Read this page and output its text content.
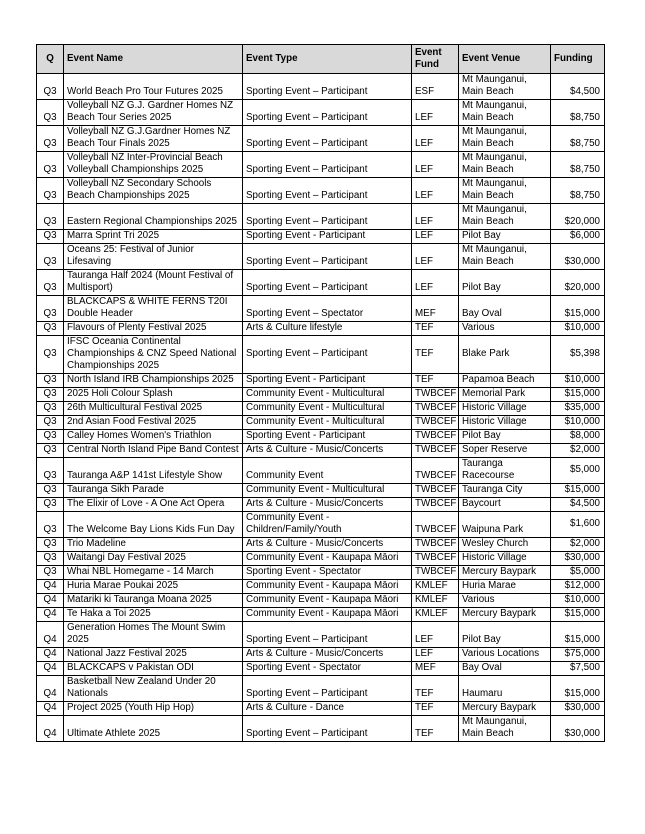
Q	Event Name	Event Type	Event Fund	Event Venue	Funding
Q3	World Beach Pro Tour Futures 2025	Sporting Event – Participant	ESF	Mt Maunganui, Main Beach	$4,500
Q3	Volleyball NZ G.J. Gardner Homes NZ Beach Tour Series 2025	Sporting Event – Participant	LEF	Mt Maunganui, Main Beach	$8,750
Q3	Volleyball NZ G.J.Gardner Homes NZ Beach Tour Finals 2025	Sporting Event – Participant	LEF	Mt Maunganui, Main Beach	$8,750
Q3	Volleyball NZ Inter-Provincial Beach Volleyball Championships 2025	Sporting Event – Participant	LEF	Mt Maunganui, Main Beach	$8,750
Q3	Volleyball NZ Secondary Schools Beach Championships 2025	Sporting Event – Participant	LEF	Mt Maunganui, Main Beach	$8,750
Q3	Eastern Regional Championships 2025	Sporting Event – Participant	LEF	Mt Maunganui, Main Beach	$20,000
Q3	Marra Sprint Tri 2025	Sporting Event - Participant	LEF	Pilot Bay	$6,000
Q3	Oceans 25: Festival of Junior Lifesaving	Sporting Event – Participant	LEF	Mt Maunganui, Main Beach	$30,000
Q3	Tauranga Half 2024 (Mount Festival of Multisport)	Sporting Event – Participant	LEF	Pilot Bay	$20,000
Q3	BLACKCAPS & WHITE FERNS T20I Double Header	Sporting Event – Spectator	MEF	Bay Oval	$15,000
Q3	Flavours of Plenty Festival 2025	Arts & Culture lifestyle	TEF	Various	$10,000
Q3	IFSC Oceania Continental Championships & CNZ Speed National Championships 2025	Sporting Event – Participant	TEF	Blake Park	$5,398
Q3	North Island IRB Championships 2025	Sporting Event - Participant	TEF	Papamoa Beach	$10,000
Q3	2025 Holi Colour Splash	Community Event - Multicultural	TWBCEF	Memorial Park	$15,000
Q3	26th Multicultural Festival 2025	Community Event - Multicultural	TWBCEF	Historic Village	$35,000
Q3	2nd Asian Food Festival 2025	Community Event - Multicultural	TWBCEF	Historic Village	$10,000
Q3	Calley Homes Women's Triathlon	Sporting Event - Participant	TWBCEF	Pilot Bay	$8,000
Q3	Central North Island Pipe Band Contest	Arts & Culture - Music/Concerts	TWBCEF	Soper Reserve	$2,000
Q3	Tauranga A&P 141st Lifestyle Show	Community Event	TWBCEF	Tauranga Racecourse	$5,000
Q3	Tauranga Sikh Parade	Community Event - Multicultural	TWBCEF	Tauranga City	$15,000
Q3	The Elixir of Love - A One Act Opera	Arts & Culture - Music/Concerts	TWBCEF	Baycourt	$4,500
Q3	The Welcome Bay Lions Kids Fun Day	Community Event - Children/Family/Youth	TWBCEF	Waipuna Park	$1,600
Q3	Trio Madeline	Arts & Culture - Music/Concerts	TWBCEF	Wesley Church	$2,000
Q3	Waitangi Day Festival 2025	Community Event - Kaupapa Māori	TWBCEF	Historic Village	$30,000
Q3	Whai NBL Homegame - 14 March	Sporting Event - Spectator	TWBCEF	Mercury Baypark	$5,000
Q4	Huria Marae Poukai 2025	Community Event - Kaupapa Māori	KMLEF	Huria Marae	$12,000
Q4	Matariki ki Tauranga Moana 2025	Community Event - Kaupapa Māori	KMLEF	Various	$10,000
Q4	Te Haka a Toi 2025	Community Event - Kaupapa Māori	KMLEF	Mercury Baypark	$15,000
Q4	Generation Homes The Mount Swim 2025	Sporting Event – Participant	LEF	Pilot Bay	$15,000
Q4	National Jazz Festival 2025	Arts & Culture - Music/Concerts	LEF	Various Locations	$75,000
Q4	BLACKCAPS v Pakistan ODI	Sporting Event - Spectator	MEF	Bay Oval	$7,500
Q4	Basketball New Zealand Under 20 Nationals	Sporting Event – Participant	TEF	Haumaru	$15,000
Q4	Project 2025 (Youth Hip Hop)	Arts & Culture - Dance	TEF	Mercury Baypark	$30,000
Q4	Ultimate Athlete 2025	Sporting Event – Participant	TEF	Mt Maunganui, Main Beach	$30,000
